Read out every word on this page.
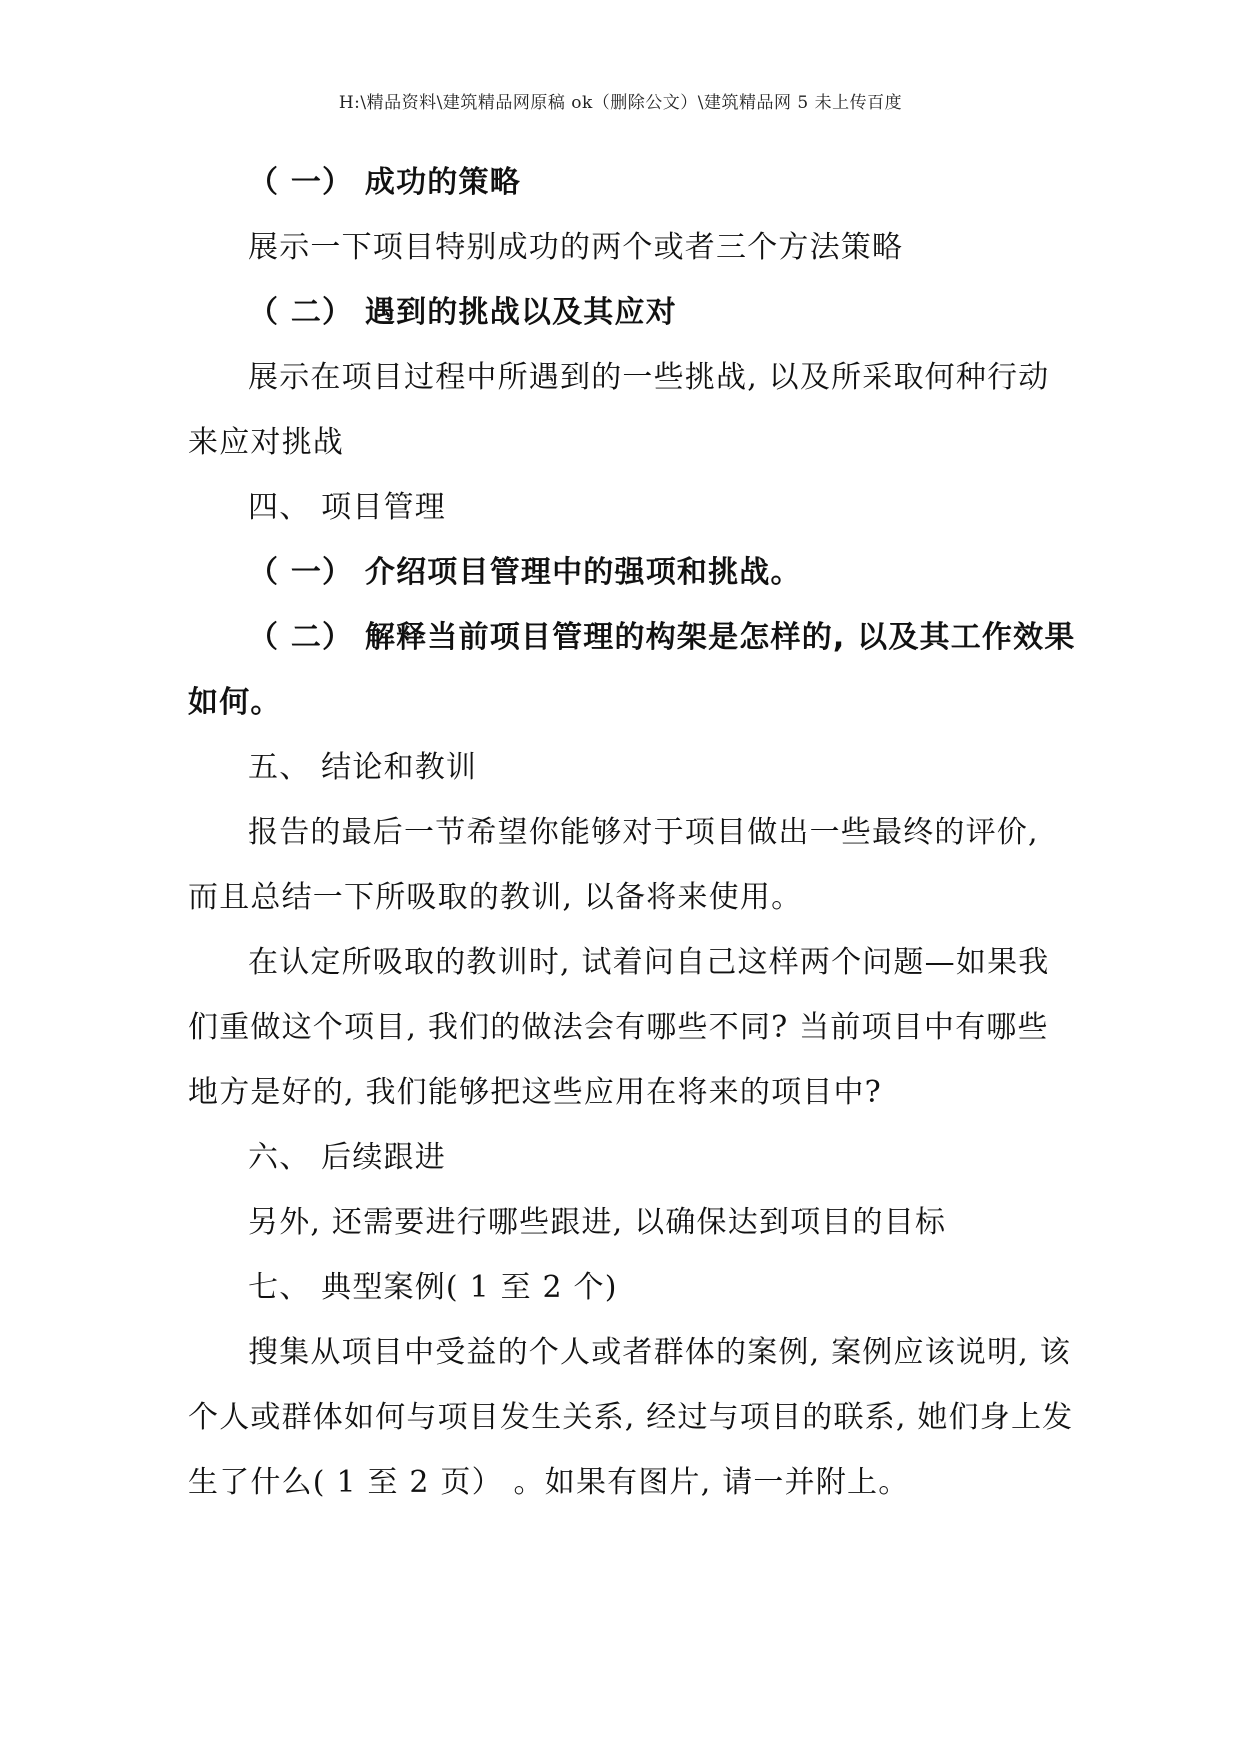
H:\精品资料\建筑精品网原稿 ok（删除公文）\建筑精品网 5 未上传百度

（ 一） 成功的策略

展示一下项目特别成功的两个或者三个方法策略

（ 二） 遇到的挑战以及其应对

展示在项目过程中所遇到的一些挑战, 以及所采取何种行动来应对挑战

四、 项目管理

（ 一） 介绍项目管理中的强项和挑战。

（ 二） 解释当前项目管理的构架是怎样的, 以及其工作效果如何。

五、 结论和教训

报告的最后一节希望你能够对于项目做出一些最终的评价, 而且总结一下所吸取的教训, 以备将来使用。

在认定所吸取的教训时, 试着问自己这样两个问题—如果我们重做这个项目, 我们的做法会有哪些不同? 当前项目中有哪些地方是好的, 我们能够把这些应用在将来的项目中?

六、 后续跟进

另外, 还需要进行哪些跟进, 以确保达到项目的目标

七、 典型案例( 1 至 2 个)

搜集从项目中受益的个人或者群体的案例, 案例应该说明, 该个人或群体如何与项目发生关系, 经过与项目的联系, 她们身上发生了什么( 1 至 2 页） 。如果有图片, 请一并附上。
